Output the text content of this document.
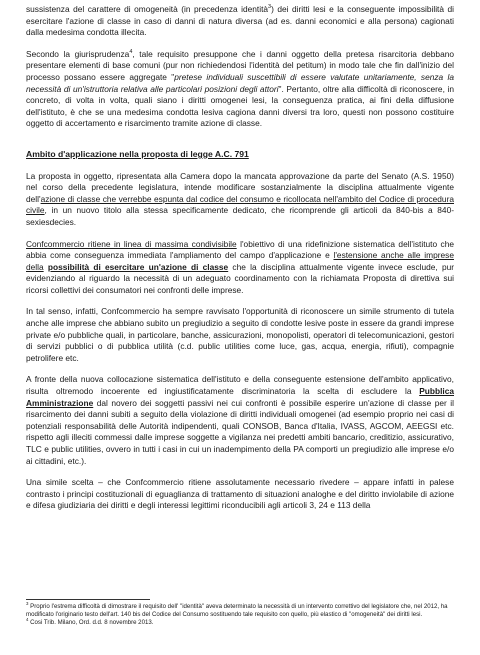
sussistenza del carattere di omogeneità (in precedenza identità$^3$) dei diritti lesi e la conseguente impossibilità di esercitare l'azione di classe in caso di danni di natura diversa (ad es. danni economici e alla persona) cagionati dalla medesima condotta illecita.

Secondo la giurisprudenza$^4$, tale requisito presuppone che i danni oggetto della pretesa risarcitoria debbano presentare elementi di base comuni (pur non richiedendosi l'identità del petitum) in modo tale che fin dall'inizio del processo possano essere aggregate "pretese individuali suscettibili di essere valutate unitariamente, senza la necessità di un'istruttoria relativa alle particolari posizioni degli attori". Pertanto, oltre alla difficoltà di riconoscere, in concreto, di volta in volta, quali siano i diritti omogenei lesi, la conseguenza pratica, ai fini della diffusione dell'istituto, è che se una medesima condotta lesiva cagiona danni diversi tra loro, questi non possono costituire oggetto di accertamento e risarcimento tramite azione di classe.

Ambito d'applicazione nella proposta di legge A.C. 791

La proposta in oggetto, ripresentata alla Camera dopo la mancata approvazione da parte del Senato (A.S. 1950) nel corso della precedente legislatura, intende modificare sostanzialmente la disciplina attualmente vigente dell'azione di classe che verrebbe espunta dal codice del consumo e ricollocata nell'ambito del Codice di procedura civile, in un nuovo titolo alla stessa specificamente dedicato, che ricomprende gli articoli da 840-bis a 840-sexiesdecies.

Confcommercio ritiene in linea di massima condivisibile l'obiettivo di una ridefinizione sistematica dell'istituto che abbia come conseguenza immediata l'ampliamento del campo d'applicazione e l'estensione anche alle imprese della possibilità di esercitare un'azione di classe che la disciplina attualmente vigente invece esclude, pur evidenziando al riguardo la necessità di un adeguato coordinamento con la richiamata Proposta di direttiva sui ricorsi collettivi dei consumatori nei confronti delle imprese.

In tal senso, infatti, Confcommercio ha sempre ravvisato l'opportunità di riconoscere un simile strumento di tutela anche alle imprese che abbiano subito un pregiudizio a seguito di condotte lesive poste in essere da grandi imprese private e/o pubbliche quali, in particolare, banche, assicurazioni, monopolisti, operatori di telecomunicazioni, gestori di servizi pubblici o di pubblica utilità (c.d. public utilities come luce, gas, acqua, energia, rifiuti), compagnie petrolifere etc.

A fronte della nuova collocazione sistematica dell'istituto e della conseguente estensione dell'ambito applicativo, risulta oltremodo incoerente ed ingiustificatamente discriminatoria la scelta di escludere la Pubblica Amministrazione dal novero dei soggetti passivi nei cui confronti è possibile esperire un'azione di classe per il risarcimento dei danni subiti a seguito della violazione di diritti individuali omogenei (ad esempio proprio nei casi di potenziali responsabilità delle Autorità indipendenti, quali CONSOB, Banca d'Italia, IVASS, AGCOM, AEEGSI etc. rispetto agli illeciti commessi dalle imprese soggette a vigilanza nei predetti ambiti bancario, creditizio, assicurativo, TLC e public utilities, ovvero in tutti i casi in cui un inadempimento della PA comporti un pregiudizio alle imprese e/o ai cittadini, etc.).

Una simile scelta – che Confcommercio ritiene assolutamente necessario rivedere – appare infatti in palese contrasto i principi costituzionali di eguaglianza di trattamento di situazioni analoghe e del diritto inviolabile di azione e difesa giudiziaria dei diritti e degli interessi legittimi riconducibili agli articoli 3, 24 e 113 della

$^3$ Proprio l'estrema difficoltà di dimostrare il requisito dell' "identità" aveva determinato la necessità di un intervento correttivo del legislatore che, nel 2012, ha modificato l'originario testo dell'art. 140 bis del Codice del Consumo sostituendo tale requisito con quello, più elastico di "omogeneità" dei diritti lesi.

$^4$ Cosi Trib. Milano, Ord. d.d. 8 novembre 2013.
